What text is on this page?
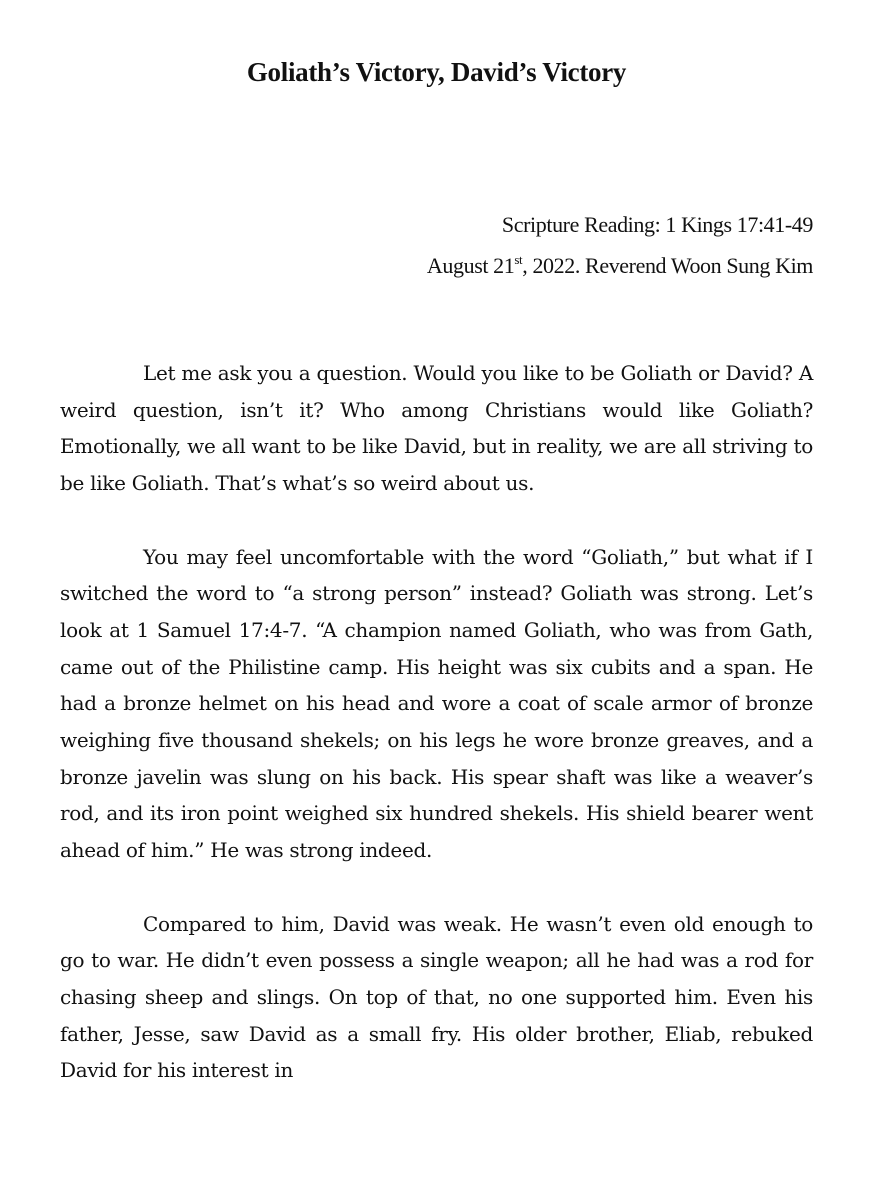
Goliath’s Victory, David’s Victory
Scripture Reading: 1 Kings 17:41-49
August 21st, 2022. Reverend Woon Sung Kim

Let me ask you a question. Would you like to be Goliath or David? A weird question, isn’t it? Who among Christians would like Goliath? Emotionally, we all want to be like David, but in reality, we are all striving to be like Goliath. That’s what’s so weird about us.

You may feel uncomfortable with the word “Goliath,” but what if I switched the word to “a strong person” instead? Goliath was strong. Let’s look at 1 Samuel 17:4-7. “A champion named Goliath, who was from Gath, came out of the Philistine camp. His height was six cubits and a span. He had a bronze helmet on his head and wore a coat of scale armor of bronze weighing five thousand shekels; on his legs he wore bronze greaves, and a bronze javelin was slung on his back. His spear shaft was like a weaver’s rod, and its iron point weighed six hundred shekels. His shield bearer went ahead of him.” He was strong indeed.

Compared to him, David was weak. He wasn’t even old enough to go to war. He didn’t even possess a single weapon; all he had was a rod for chasing sheep and slings. On top of that, no one supported him. Even his father, Jesse, saw David as a small fry. His older brother, Eliab, rebuked David for his interest in
